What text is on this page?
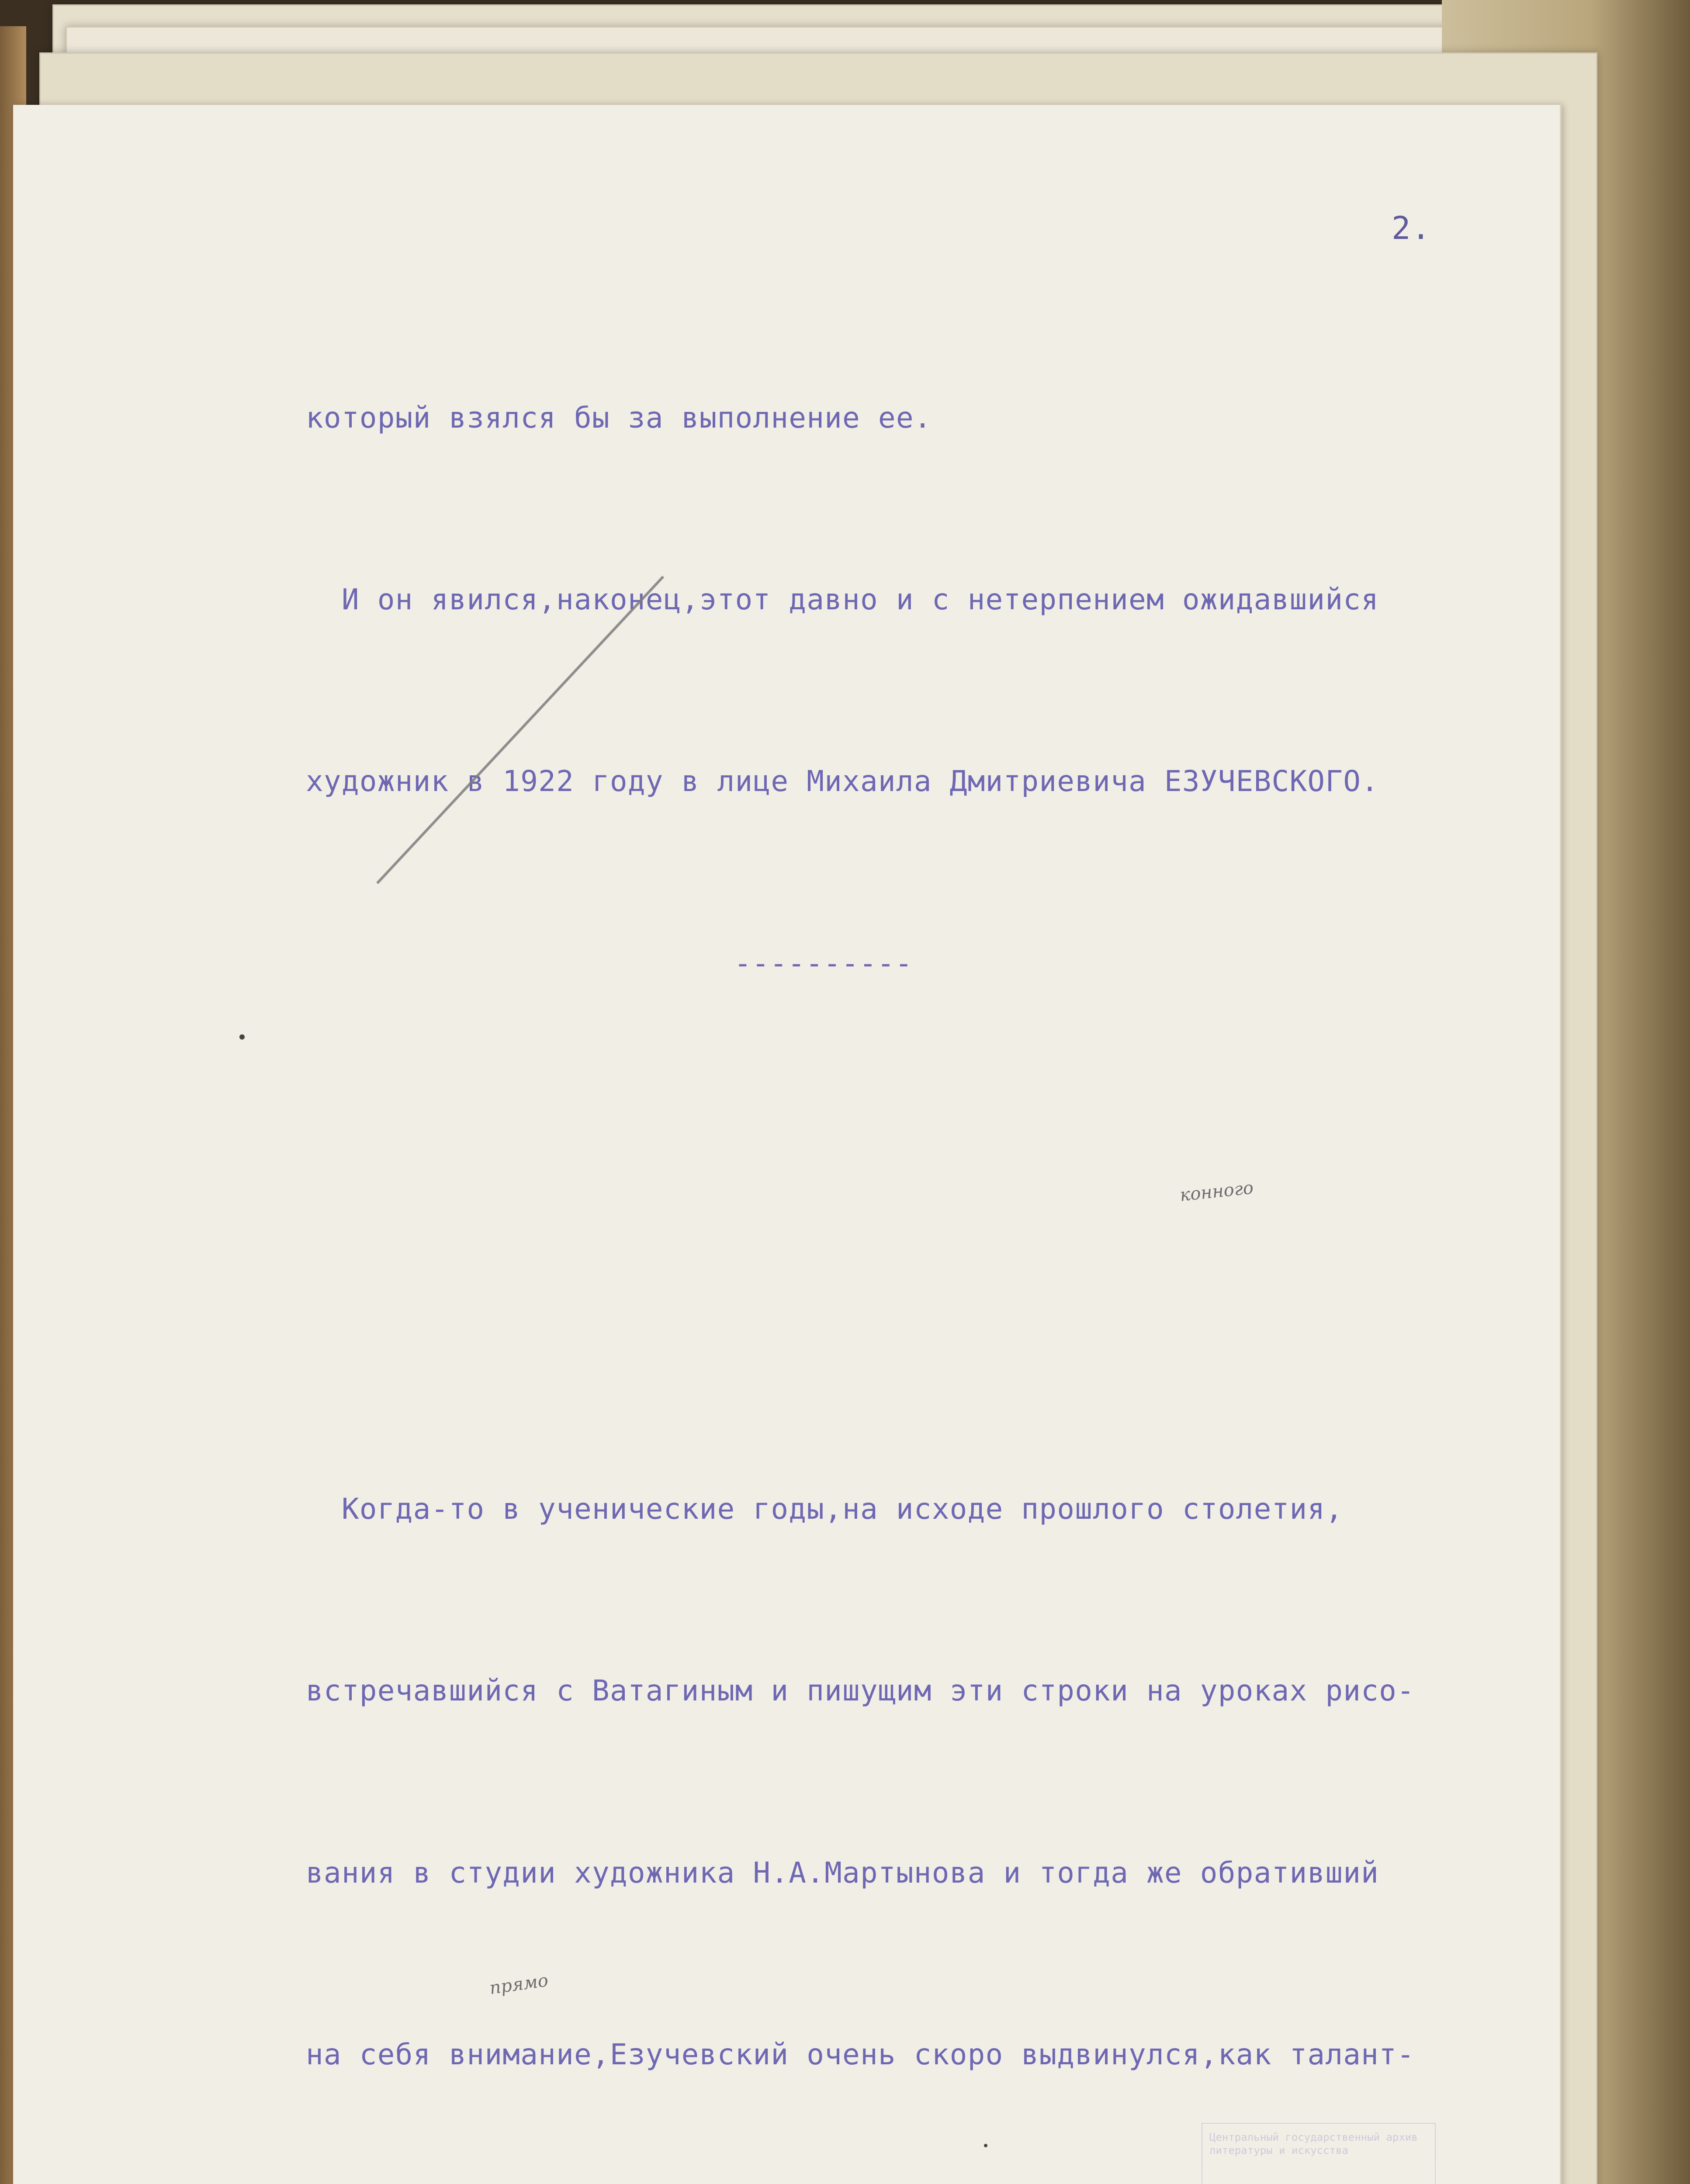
2.

который взялся бы за выполнение ее.

И он явился,наконец,этот давно и с нетерпением ожидавшийся

художник в 1922 году в лице Михаила Дмитриевича ЕЗУЧЕВСКОГО.

----------

Когда-то в ученические годы,на исходе прошлого столетия,

встречавшийся с Ватагиным и пишущим эти строки на уроках рисо-

вания в студии художника Н.А.Мартынова и тогда же обративший

на себя внимание,Езучевский очень скоро выдвинулся,как талант-

конного
прямо
Центральный государственный архив литературы и искусства
